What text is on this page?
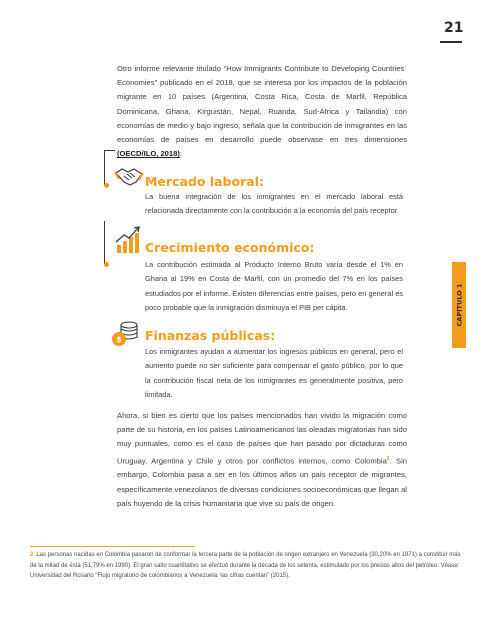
21
Otro informe relevante titulado “How Immigrants Contribute to Developing Countries´ Economies” publicado en el 2018, que se interesa por los impactos de la población migrante en 10 países (Argentina, Costa Rica, Costa de Marfil, República Dominicana, Ghana, Kirguistán, Nepal, Ruanda, Sud-África y Tailandia) con economías de medio y bajo ingreso, señala que la contribución de inmigrantes en las economías de países en desarrollo puede observase en tres dimensiones (OECD/ILO, 2018):
Mercado laboral:
La buena integración de los inmigrantes en el mercado laboral está relacionada directamente con la contribución a la economía del país receptor.
Crecimiento económico:
La contribución estimada al Producto Interno Bruto varía desde el 1% en Ghana al 19% en Costa de Marfil, con un promedio del 7% en los países estudiados por el informe. Existen diferencias entre países, pero en general es poco probable que la inmigración disminuya el PIB per cápita.
$ Finanzas públicas:
Los inmigrantes ayudan a aumentar los ingresos públicos en general, pero el aumento puede no ser suficiente para compensar el gasto público, por lo que la contribución fiscal neta de los inmigrantes es generalmente positiva, pero limitada.
Ahora, si bien es cierto que los países mencionados han vivido la migración como parte de su historia, en los países Latinoamericanos las oleadas migratorias han sido muy puntuales, como es el caso de países que han pasado por dictaduras como Uruguay, Argentina y Chile y otros por conflictos internos, como Colombia$^2$. Sin embargo, Colombia pasa a ser en los últimos años un país receptor de migrantes, específicamente venezolanos de diversas condiciones socioeconómicas que llegan al país huyendo de la crisis humanitaria que vive su país de origen.
2 Las personas nacidas en Colombia pasaron de conformar la tercera parte de la población de origen extranjero en Venezuela (30,20% en 1971) a constituir más de la mitad de ésta (51,79% en 1990). El gran salto cuantitativo se efectuó durante la década de los setenta, estimulado por los precios altos del petróleo. Véase: Universidad del Rosario “Flujo migratorio de colombianos a Venezuela: las cifras cuentan” (2015).
CAPÍTULO 1
